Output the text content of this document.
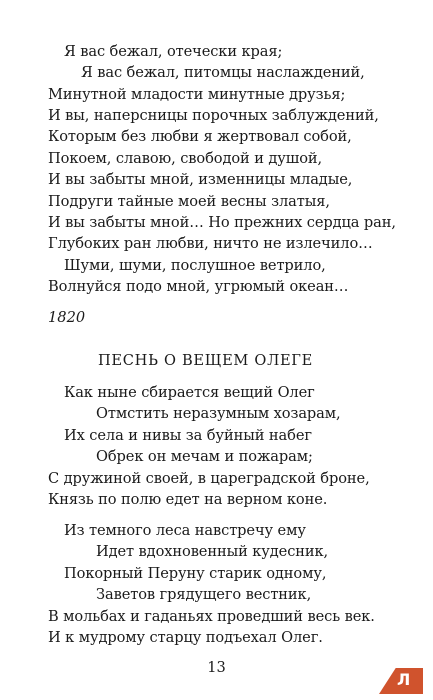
Я вас бежал, отечески края;
Я вас бежал, питомцы наслаждений,
Минутной младости минутные друзья;
И вы, наперсницы порочных заблуждений,
Которым без любви я жертвовал собой,
Покоем, славою, свободой и душой,
И вы забыты мной, изменницы младые,
Подруги тайные моей весны златыя,
И вы забыты мной… Но прежних сердца ран,
Глубоких ран любви, ничто не излечило…
Шуми, шуми, послушное ветрило,
Волнуйся подо мной, угрюмый океан…
1820
ПЕСНЬ О ВЕЩЕМ ОЛЕГЕ
Как ныне сбирается вещий Олег
Отмстить неразумным хозарам,
Их села и нивы за буйный набег
Обрек он мечам и пожарам;
С дружиной своей, в цареградской броне,
Князь по полю едет на верном коне.
Из темного леса навстречу ему
Идет вдохновенный кудесник,
Покорный Перуну старик одному,
Заветов грядущего вестник,
В мольбах и гаданьях проведший весь век.
И к мудрому старцу подъехал Олег.
13
Л
